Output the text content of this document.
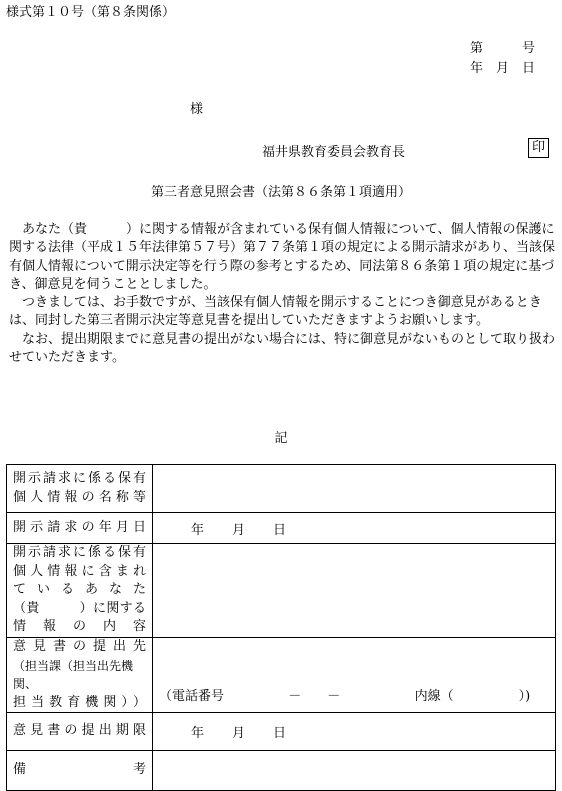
様式第１０号（第８条関係）
第　　　号
年　月　日
様
福井県教育委員会教育長	印
第三者意見照会書（法第８６条第１項適用）

あなた（貴　　　）に関する情報が含まれている保有個人情報について、個人情報の保護に関する法律（平成１５年法律第５７号）第７７条第１項の規定による開示請求があり、当該保有個人情報について開示決定等を行う際の参考とするため、同法第８６条第１項の規定に基づき、御意見を伺うこととしました。

つきましては、お手数ですが、当該保有個人情報を開示することにつき御意見があるときは、同封した第三者開示決定等意見書を提出していただきますようお願いします。

なお、提出期限までに意見書の提出がない場合には、特に御意見がないものとして取り扱わせていただきます。

記
開示請求に係る保有
個人情報の名称等	

開示請求の年月日	年 月 日

開示請求に係る保有
個人情報に含まれ
ているあなた
（貴　　　）に関する
情報の内容	

意見書の提出先
（担当課（担当出先機関、
担当教育機関））	（電話番号 －　　－ 内線（　　　　　）)

意見書の提出期限	年 月 日

備　　　　　　考	
